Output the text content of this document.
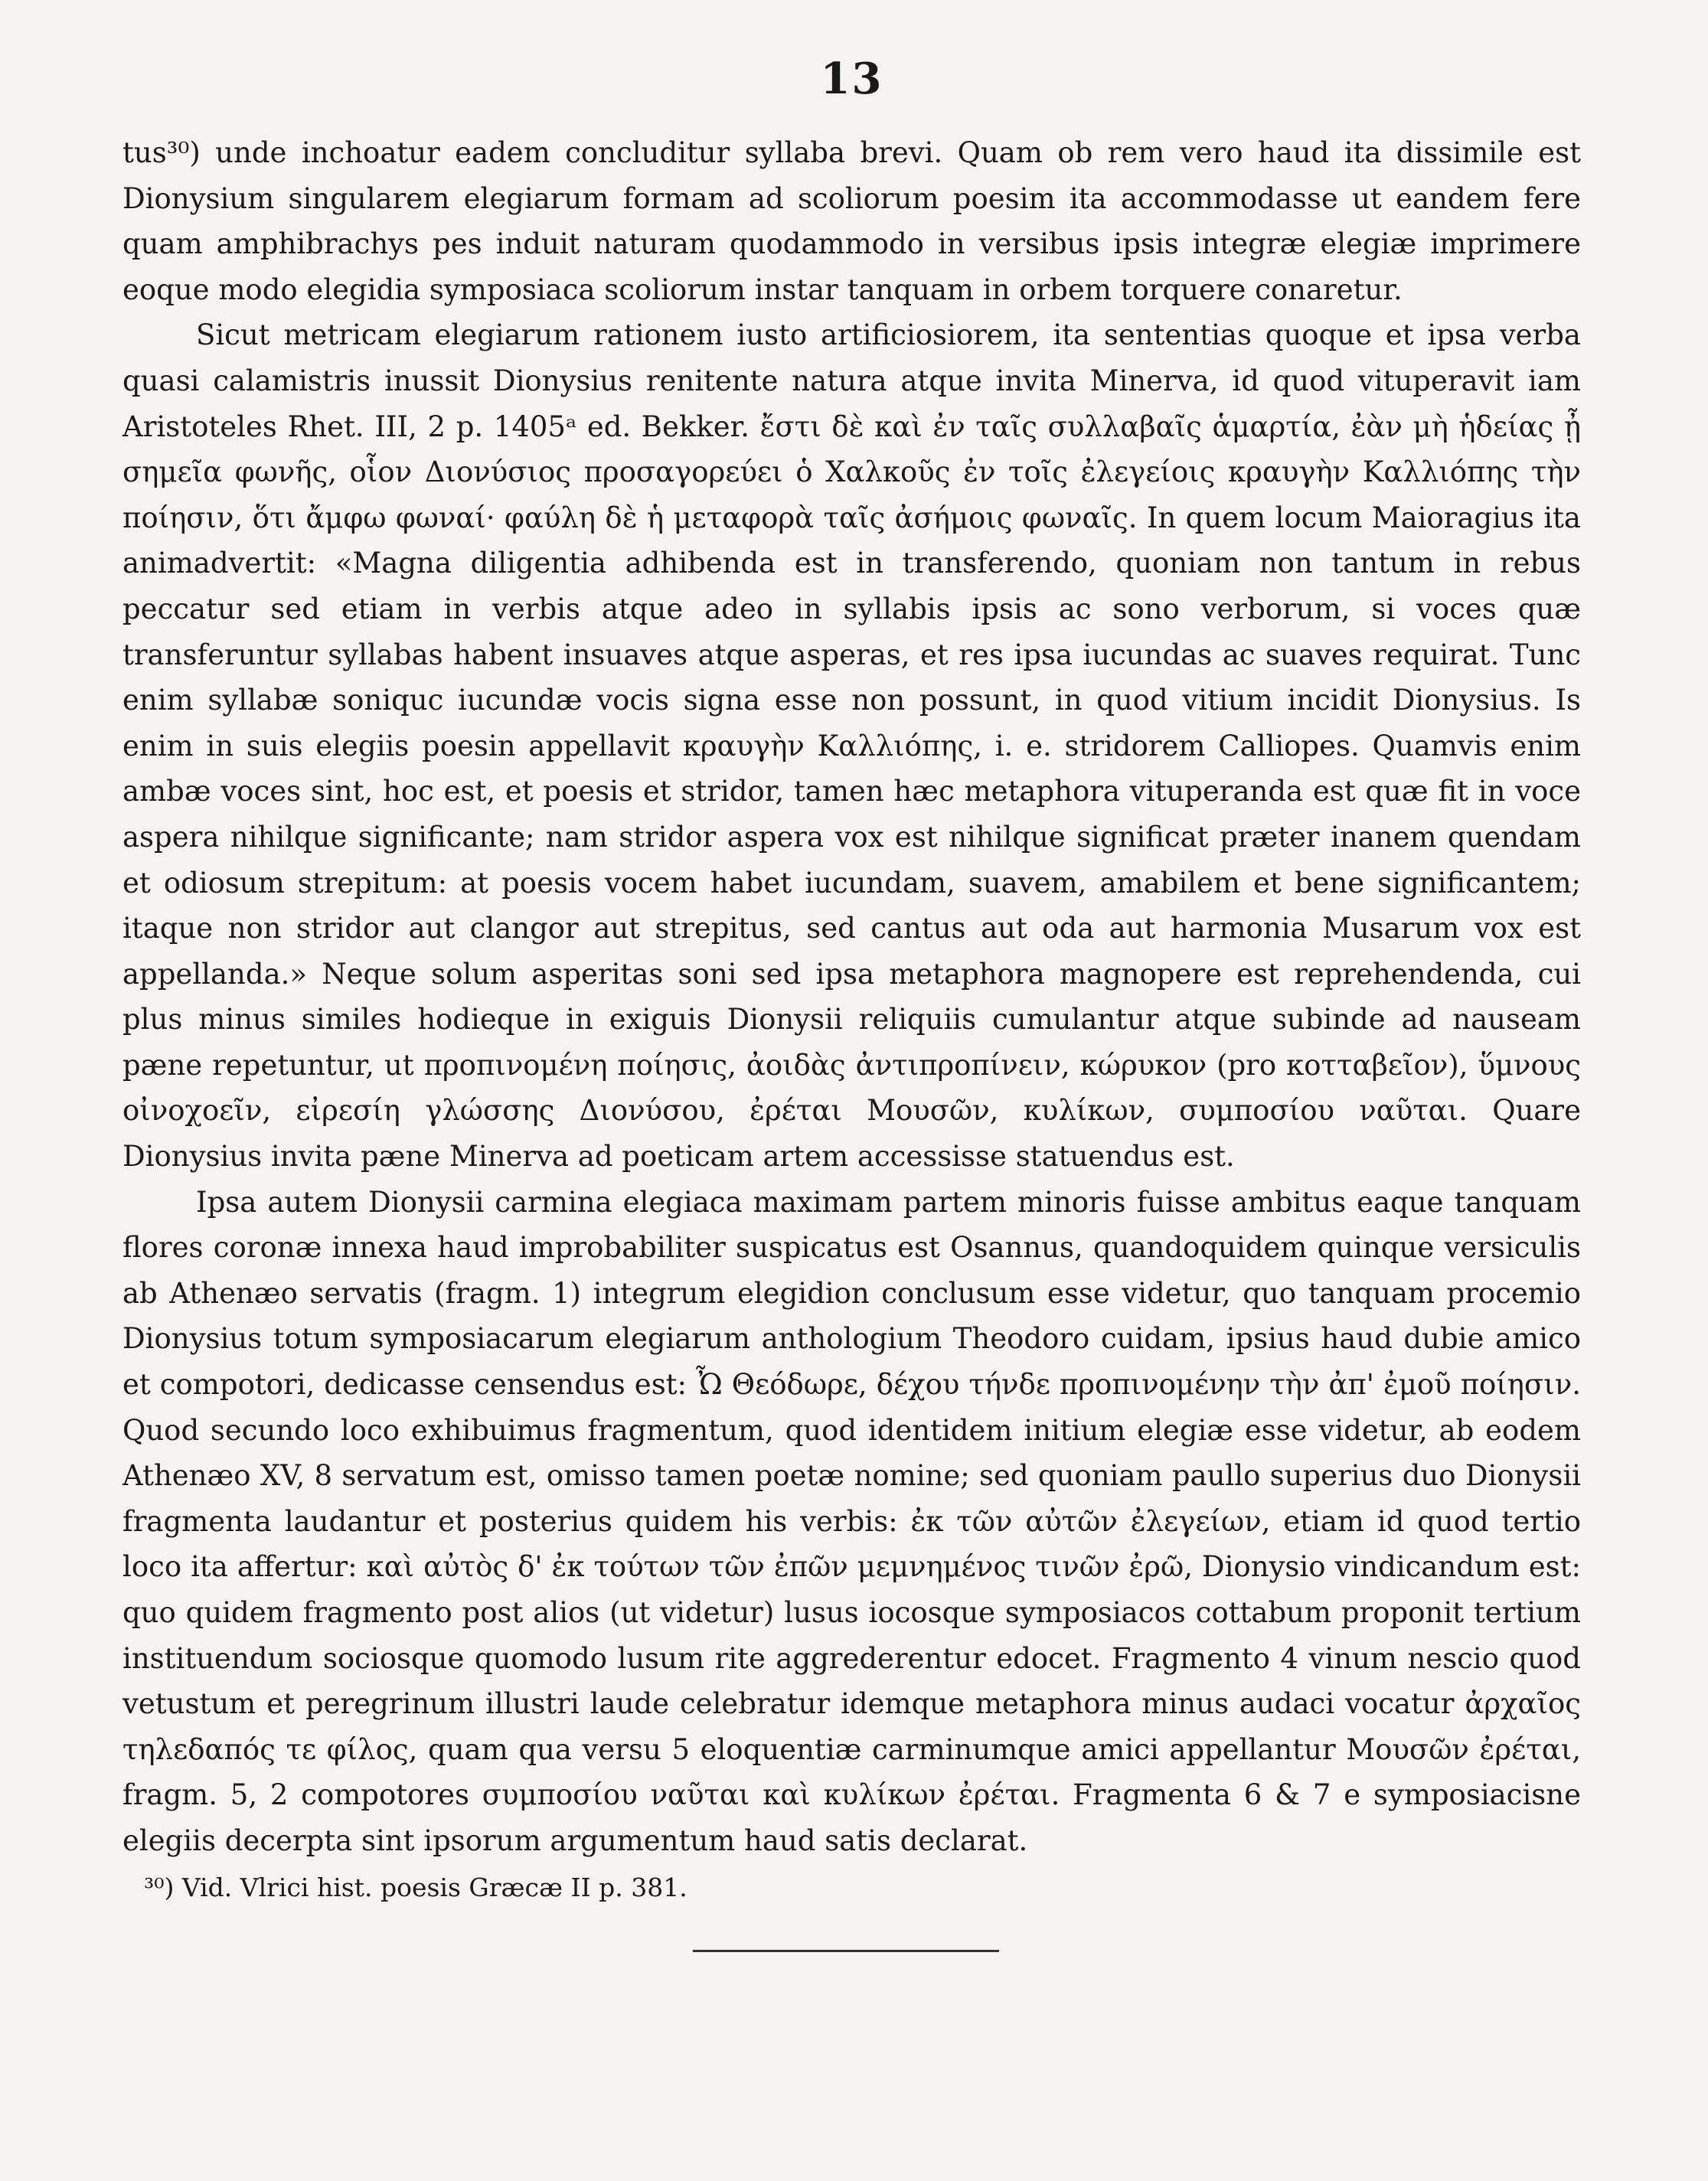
13

tus³⁰) unde inchoatur eadem concluditur syllaba brevi. Quam ob rem vero haud ita dissimile est Dionysium singularem elegiarum formam ad scoliorum poesim ita accommodasse ut eandem fere quam amphibrachys pes induit naturam quodammodo in versibus ipsis integræ elegiæ imprimere eoque modo elegidia symposiaca scoliorum instar tanquam in orbem torquere conaretur.

Sicut metricam elegiarum rationem iusto artificiosiorem, ita sententias quoque et ipsa verba quasi calamistris inussit Dionysius renitente natura atque invita Minerva, id quod vituperavit iam Aristoteles Rhet. III, 2 p. 1405ᵃ ed. Bekker. ἔστι δὲ καὶ ἐν ταῖς συλλαβαῖς ἁμαρτία, ἐὰν μὴ ἡδείας ᾖ σημεῖα φωνῆς, οἷον Διονύσιος προσαγορεύει ὁ Χαλκοῦς ἐν τοῖς ἐλεγείοις κραυγὴν Καλλιόπης τὴν ποίησιν, ὅτι ἄμφω φωναί· φαύλη δὲ ἡ μεταφορὰ ταῖς ἀσήμοις φωναῖς. In quem locum Maioragius ita animadvertit: «Magna diligentia adhibenda est in transferendo, quoniam non tantum in rebus peccatur sed etiam in verbis atque adeo in syllabis ipsis ac sono verborum, si voces quæ transferuntur syllabas habent insuaves atque asperas, et res ipsa iucundas ac suaves requirat. Tunc enim syllabæ soniquc iucundæ vocis signa esse non possunt, in quod vitium incidit Dionysius. Is enim in suis elegiis poesin appellavit κραυγὴν Καλλιόπης, i. e. stridorem Calliopes. Quamvis enim ambæ voces sint, hoc est, et poesis et stridor, tamen hæc metaphora vituperanda est quæ fit in voce aspera nihilque significante; nam stridor aspera vox est nihilque significat præter inanem quendam et odiosum strepitum: at poesis vocem habet iucundam, suavem, amabilem et bene significantem; itaque non stridor aut clangor aut strepitus, sed cantus aut oda aut harmonia Musarum vox est appellanda.» Neque solum asperitas soni sed ipsa metaphora magnopere est reprehendenda, cui plus minus similes hodieque in exiguis Dionysii reliquiis cumulantur atque subinde ad nauseam pæne repetuntur, ut προπινομένη ποίησις, ἀοιδὰς ἀντιπροπίνειν, κώρυκον (pro κοτταβεῖον), ὕμνους οἰνοχοεῖν, εἰρεσίη γλώσσης Διονύσου, ἐρέται Μουσῶν, κυλίκων, συμποσίου ναῦται. Quare Dionysius invita pæne Minerva ad poeticam artem accessisse statuendus est.

Ipsa autem Dionysii carmina elegiaca maximam partem minoris fuisse ambitus eaque tanquam flores coronæ innexa haud improbabiliter suspicatus est Osannus, quandoquidem quinque versiculis ab Athenæo servatis (fragm. 1) integrum elegidion conclusum esse videtur, quo tanquam procemio Dionysius totum symposiacarum elegiarum anthologium Theodoro cuidam, ipsius haud dubie amico et compotori, dedicasse censendus est: Ὦ Θεόδωρε, δέχου τήνδε προπινομένην τὴν ἀπ' ἐμοῦ ποίησιν. Quod secundo loco exhibuimus fragmentum, quod identidem initium elegiæ esse videtur, ab eodem Athenæo XV, 8 servatum est, omisso tamen poetæ nomine; sed quoniam paullo superius duo Dionysii fragmenta laudantur et posterius quidem his verbis: ἐκ τῶν αὐτῶν ἐλεγείων, etiam id quod tertio loco ita affertur: καὶ αὐτὸς δ' ἐκ τούτων τῶν ἐπῶν μεμνημένος τινῶν ἐρῶ, Dionysio vindicandum est: quo quidem fragmento post alios (ut videtur) lusus iocosque symposiacos cottabum proponit tertium instituendum sociosque quomodo lusum rite aggrederentur edocet. Fragmento 4 vinum nescio quod vetustum et peregrinum illustri laude celebratur idemque metaphora minus audaci vocatur ἀρχαῖος τηλεδαπός τε φίλος, quam qua versu 5 eloquentiæ carminumque amici appellantur Μουσῶν ἐρέται, fragm. 5, 2 compotores συμποσίου ναῦται καὶ κυλίκων ἐρέται. Fragmenta 6 & 7 e symposiacisne elegiis decerpta sint ipsorum argumentum haud satis declarat.

³⁰) Vid. Vlrici hist. poesis Græcæ II p. 381.
